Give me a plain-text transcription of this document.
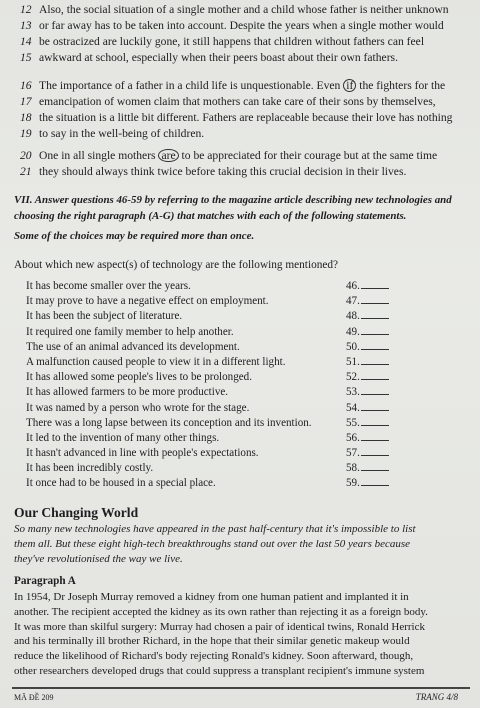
12 Also, the social situation of a single mother and a child whose father is neither unknown
13 or far away has to be taken into account. Despite the years when a single mother would
14 be ostracized are luckily gone, it still happens that children without fathers can feel
15 awkward at school, especially when their peers boast about their own fathers.
16 The importance of a father in a child life is unquestionable. Even if the fighters for the
17 emancipation of women claim that mothers can take care of their sons by themselves,
18 the situation is a little bit different. Fathers are replaceable because their love has nothing
19 to say in the well-being of children.
20 One in all single mothers are to be appreciated for their courage but at the same time
21 they should always think twice before taking this crucial decision in their lives.
VII. Answer questions 46-59 by referring to the magazine article describing new technologies and choosing the right paragraph (A-G) that matches with each of the following statements.
Some of the choices may be required more than once.
About which new aspect(s) of technology are the following mentioned?
It has become smaller over the years.	46.
It may prove to have a negative effect on employment.	47.
It has been the subject of literature.	48.
It required one family member to help another.	49.
The use of an animal advanced its development.	50.
A malfunction caused people to view it in a different light.	51.
It has allowed some people's lives to be prolonged.	52.
It has allowed farmers to be more productive.	53.
It was named by a person who wrote for the stage.	54.
There was a long lapse between its conception and its invention.	55.
It led to the invention of many other things.	56.
It hasn't advanced in line with people's expectations.	57.
It has been incredibly costly.	58.
It once had to be housed in a special place.	59.
Our Changing World
So many new technologies have appeared in the past half-century that it's impossible to list
them all. But these eight high-tech breakthroughs stand out over the last 50 years because
they've revolutionised the way we live.
Paragraph A
In 1954, Dr Joseph Murray removed a kidney from one human patient and implanted it in
another. The recipient accepted the kidney as its own rather than rejecting it as a foreign body.
It was more than skilful surgery: Murray had chosen a pair of identical twins, Ronald Herrick
and his terminally ill brother Richard, in the hope that their similar genetic makeup would
reduce the likelihood of Richard's body rejecting Ronald's kidney. Soon afterward, though,
other researchers developed drugs that could suppress a transplant recipient's immune system
MÃ ĐỀ 209	TRANG 4/8
